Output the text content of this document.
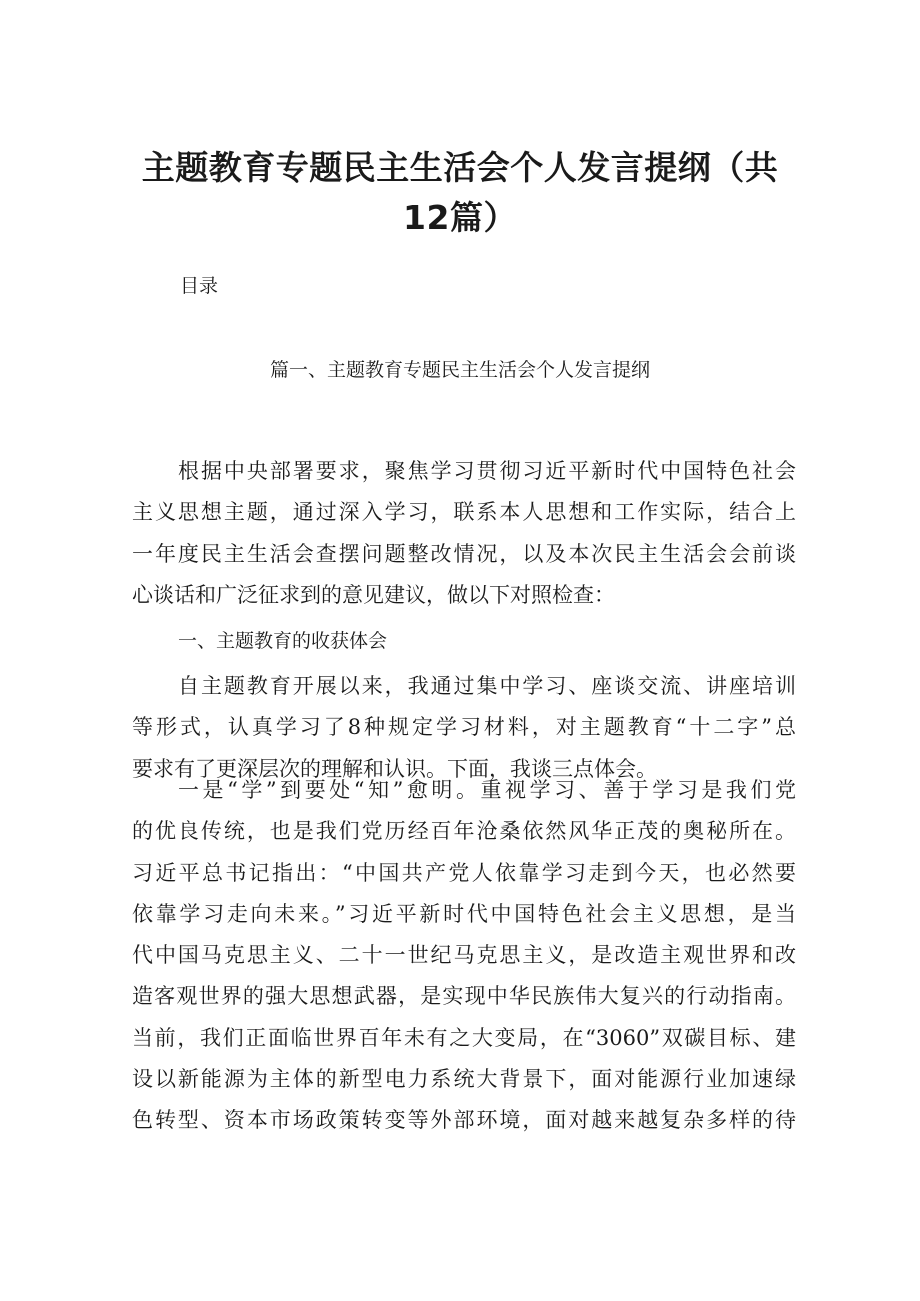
主题教育专题民主生活会个人发言提纲（共
12篇）
目录
篇一、主题教育专题民主生活会个人发言提纲
根据中央部署要求，聚焦学习贯彻习近平新时代中国特色社会
主义思想主题，通过深入学习，联系本人思想和工作实际，结合上
一年度民主生活会查摆问题整改情况，以及本次民主生活会会前谈
心谈话和广泛征求到的意见建议，做以下对照检查：
一、主题教育的收获体会
自主题教育开展以来，我通过集中学习、座谈交流、讲座培训
等形式，认真学习了8种规定学习材料，对主题教育“十二字”总
要求有了更深层次的理解和认识。下面，我谈三点体会。
一是“学”到要处“知”愈明。重视学习、善于学习是我们党
的优良传统，也是我们党历经百年沧桑依然风华正茂的奥秘所在。
习近平总书记指出：“中国共产党人依靠学习走到今天，也必然要
依靠学习走向未来。”习近平新时代中国特色社会主义思想，是当
代中国马克思主义、二十一世纪马克思主义，是改造主观世界和改
造客观世界的强大思想武器，是实现中华民族伟大复兴的行动指南。
当前，我们正面临世界百年未有之大变局，在“3060”双碳目标、建
设以新能源为主体的新型电力系统大背景下，面对能源行业加速绿
色转型、资本市场政策转变等外部环境，面对越来越复杂多样的待
